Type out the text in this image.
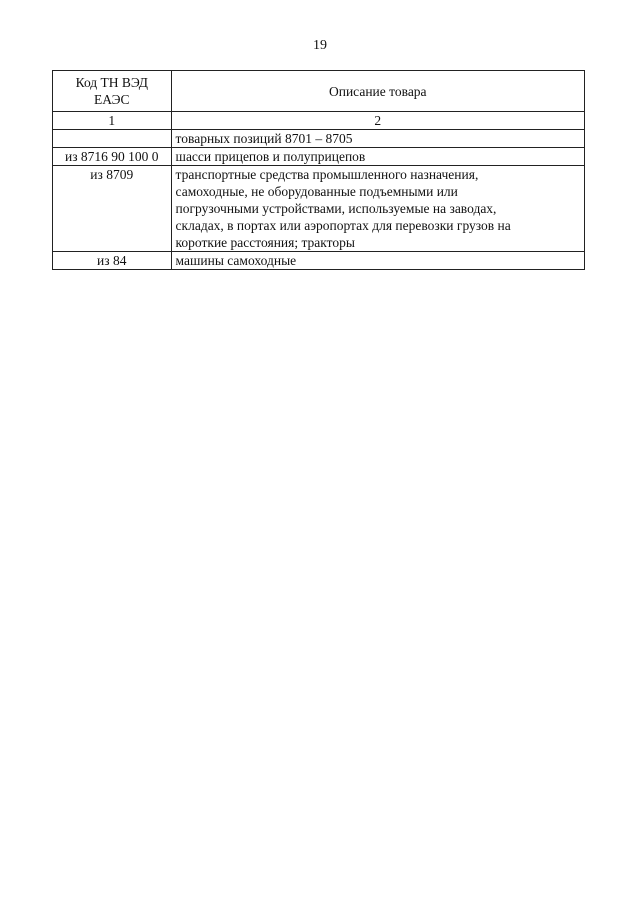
19
Код ТН ВЭД
ЕАЭС	Описание товара
1	2

	товарных позиций 8701 – 8705

из 8716 90 100 0	шасси прицепов и полуприцепов

из 8709	транспортные средства промышленного назначения,
самоходные, не оборудованные подъемными или
погрузочными устройствами, используемые на заводах,
складах, в портах или аэропортах для перевозки грузов на
короткие расстояния; тракторы

из 84	машины самоходные
